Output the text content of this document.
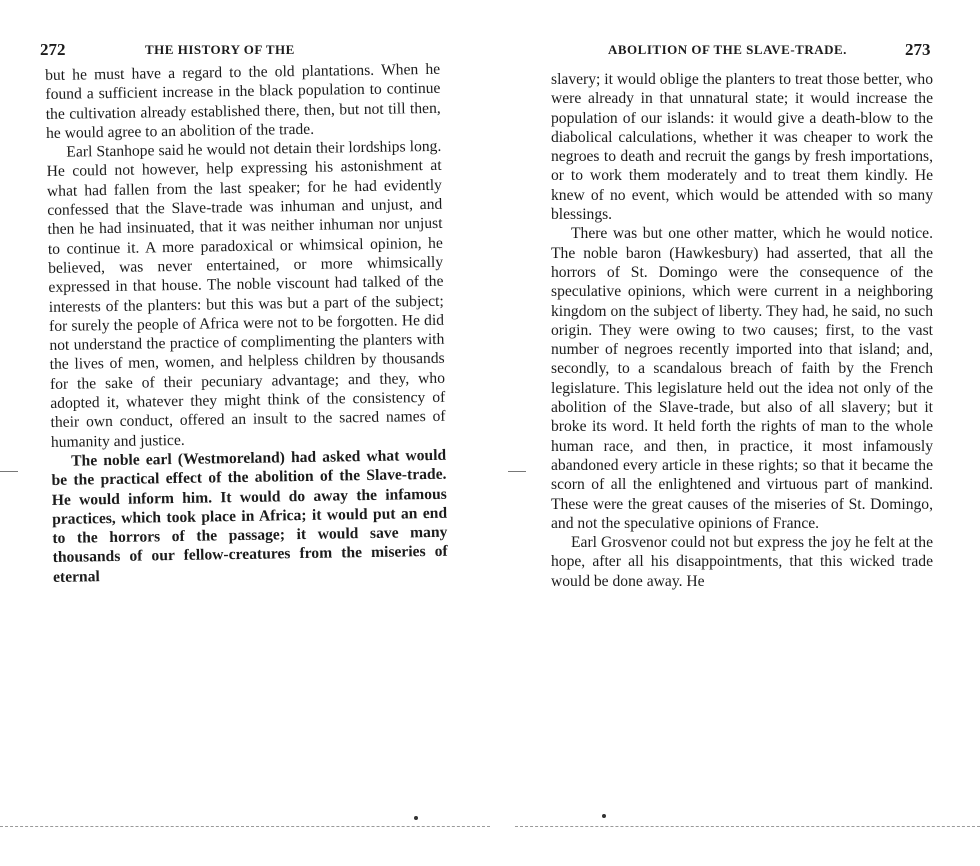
272	THE HISTORY OF THE

but he must have a regard to the old plantations. When he found a sufficient increase in the black population to continue the cultivation already established there, then, but not till then, he would agree to an abolition of the trade.

Earl Stanhope said he would not detain their lordships long. He could not however, help expressing his astonishment at what had fallen from the last speaker; for he had evidently confessed that the Slave-trade was inhuman and unjust, and then he had insinuated, that it was neither inhuman nor unjust to continue it. A more paradoxical or whimsical opinion, he believed, was never entertained, or more whimsically expressed in that house. The noble viscount had talked of the interests of the planters: but this was but a part of the subject; for surely the people of Africa were not to be forgotten. He did not understand the practice of complimenting the planters with the lives of men, women, and helpless children by thousands for the sake of their pecuniary advantage; and they, who adopted it, whatever they might think of the consistency of their own conduct, offered an insult to the sacred names of humanity and justice.

The noble earl (Westmoreland) had asked what would be the practical effect of the abolition of the Slave-trade. He would inform him. It would do away the infamous practices, which took place in Africa; it would put an end to the horrors of the passage; it would save many thousands of our fellow-creatures from the miseries of eternal

ABOLITION OF THE SLAVE-TRADE.	273

slavery; it would oblige the planters to treat those better, who were already in that unnatural state; it would increase the population of our islands: it would give a death-blow to the diabolical calculations, whether it was cheaper to work the negroes to death and recruit the gangs by fresh importations, or to work them moderately and to treat them kindly. He knew of no event, which would be attended with so many blessings.

There was but one other matter, which he would notice. The noble baron (Hawkesbury) had asserted, that all the horrors of St. Domingo were the consequence of the speculative opinions, which were current in a neighboring kingdom on the subject of liberty. They had, he said, no such origin. They were owing to two causes; first, to the vast number of negroes recently imported into that island; and, secondly, to a scandalous breach of faith by the French legislature. This legislature held out the idea not only of the abolition of the Slave-trade, but also of all slavery; but it broke its word. It held forth the rights of man to the whole human race, and then, in practice, it most infamously abandoned every article in these rights; so that it became the scorn of all the enlightened and virtuous part of mankind. These were the great causes of the miseries of St. Domingo, and not the speculative opinions of France.

Earl Grosvenor could not but express the joy he felt at the hope, after all his disappointments, that this wicked trade would be done away. He
